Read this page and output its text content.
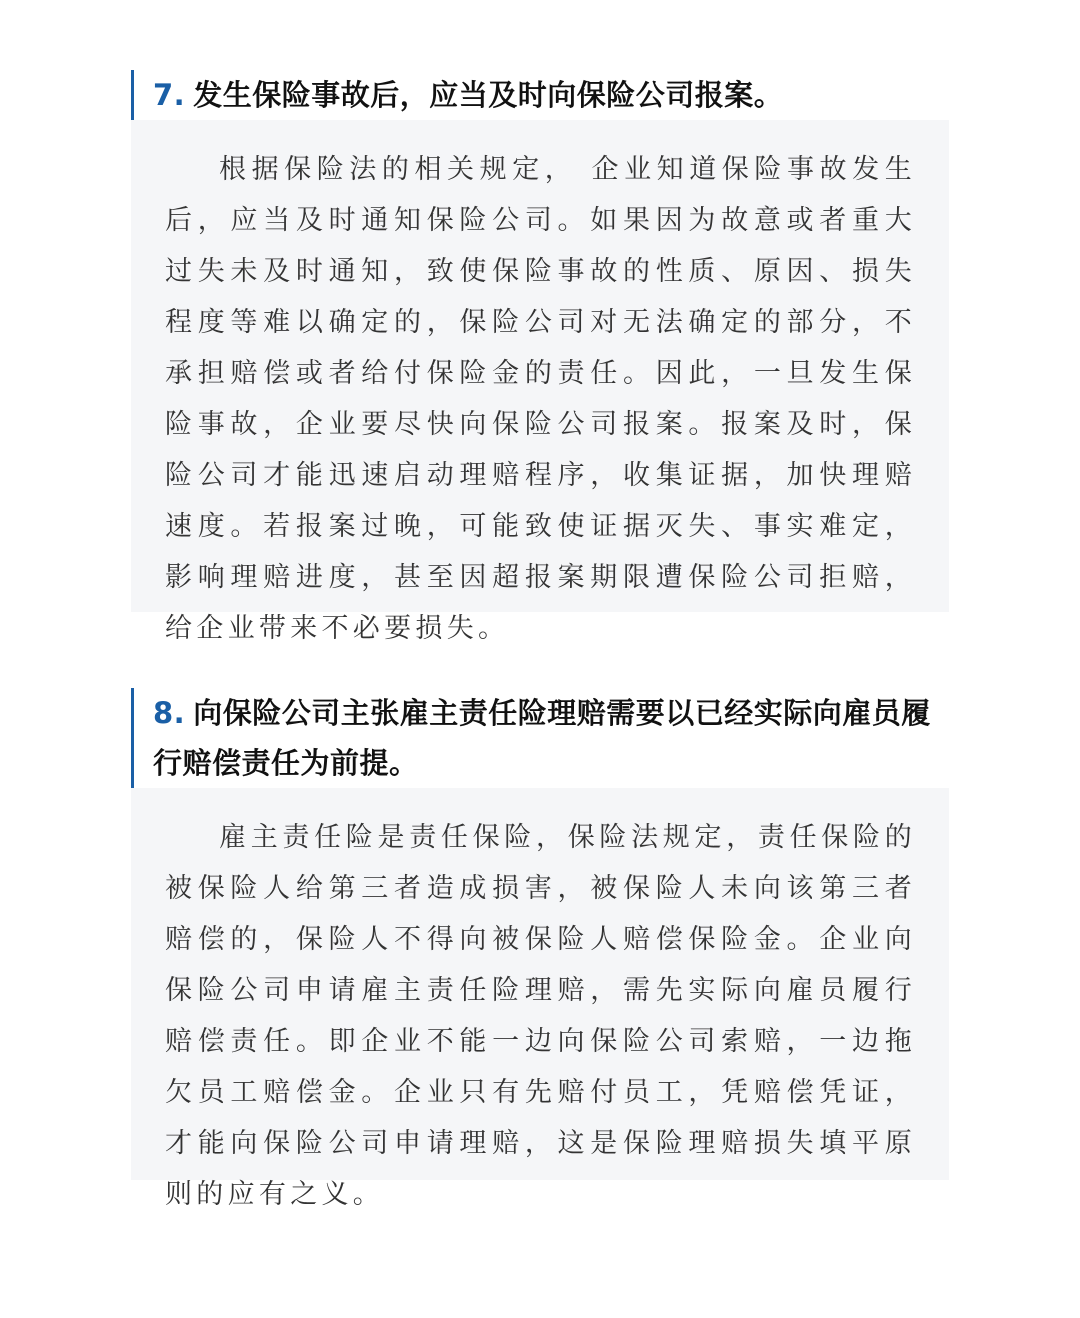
7. 发生保险事故后，应当及时向保险公司报案。

根据保险法的相关规定， 企业知道保险事故发生后，应当及时通知保险公司。如果因为故意或者重大过失未及时通知，致使保险事故的性质、原因、损失程度等难以确定的，保险公司对无法确定的部分，不承担赔偿或者给付保险金的责任。因此，一旦发生保险事故，企业要尽快向保险公司报案。报案及时，保险公司才能迅速启动理赔程序，收集证据，加快理赔速度。若报案过晚，可能致使证据灭失、事实难定，影响理赔进度，甚至因超报案期限遭保险公司拒赔，给企业带来不必要损失。

8. 向保险公司主张雇主责任险理赔需要以已经实际向雇员履行赔偿责任为前提。

雇主责任险是责任保险，保险法规定，责任保险的被保险人给第三者造成损害，被保险人未向该第三者赔偿的，保险人不得向被保险人赔偿保险金。企业向保险公司申请雇主责任险理赔，需先实际向雇员履行赔偿责任。即企业不能一边向保险公司索赔，一边拖欠员工赔偿金。企业只有先赔付员工，凭赔偿凭证，才能向保险公司申请理赔，这是保险理赔损失填平原则的应有之义。
